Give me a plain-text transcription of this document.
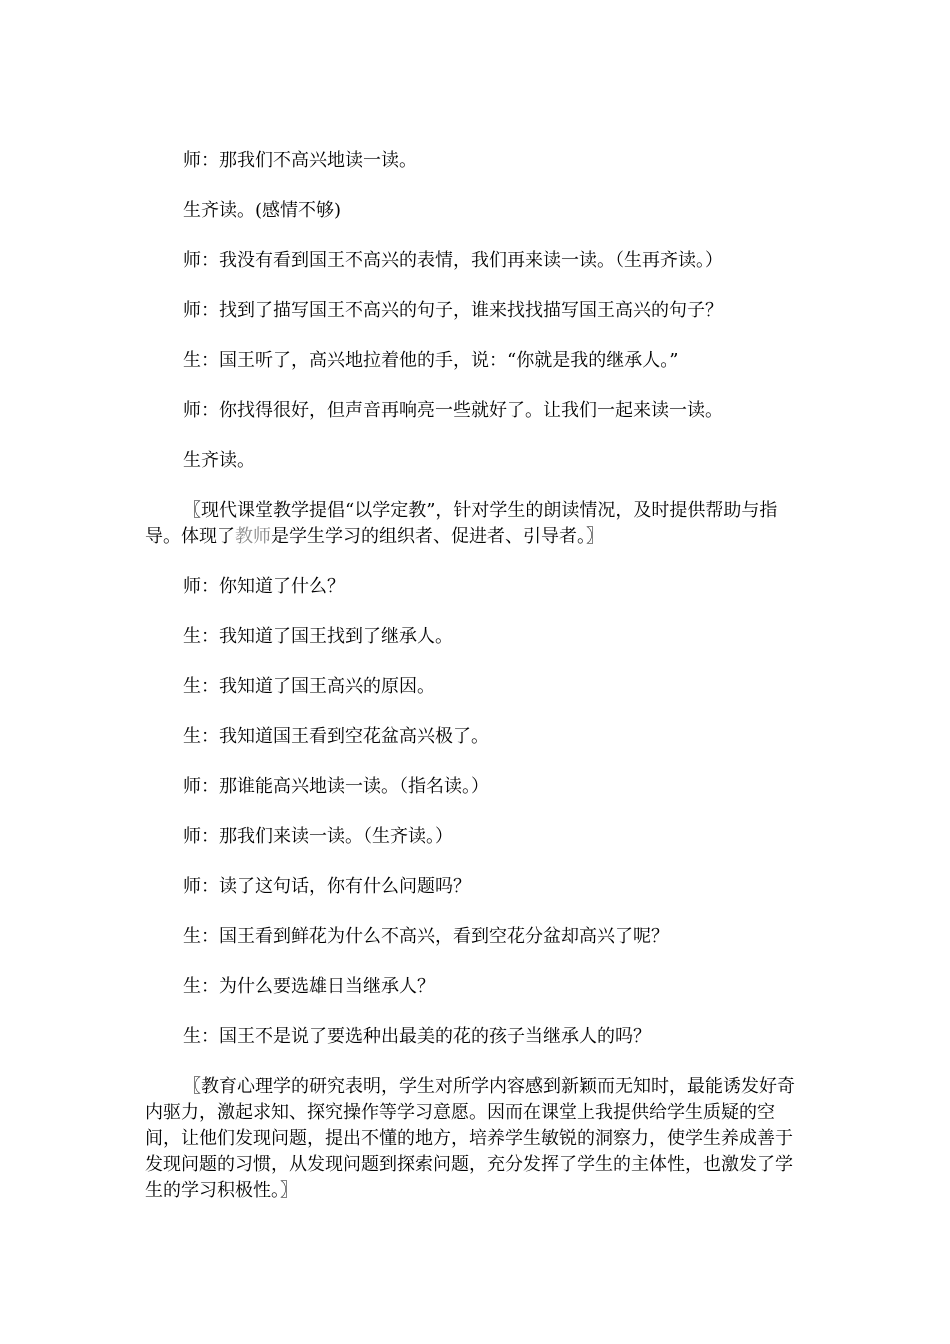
师：那我们不高兴地读一读。

生齐读。(感情不够)

师：我没有看到国王不高兴的表情，我们再来读一读。（生再齐读。）

师：找到了描写国王不高兴的句子，谁来找找描写国王高兴的句子？

生：国王听了，高兴地拉着他的手，说：“你就是我的继承人。”

师：你找得很好，但声音再响亮一些就好了。让我们一起来读一读。

生齐读。

〖现代课堂教学提倡“以学定教”，针对学生的朗读情况，及时提供帮助与指导。体现了教师是学生学习的组织者、促进者、引导者。〗

师：你知道了什么？

生：我知道了国王找到了继承人。

生：我知道了国王高兴的原因。

生：我知道国王看到空花盆高兴极了。

师：那谁能高兴地读一读。（指名读。）

师：那我们来读一读。（生齐读。）

师：读了这句话，你有什么问题吗？

生：国王看到鲜花为什么不高兴，看到空花分盆却高兴了呢？

生：为什么要选雄日当继承人？

生：国王不是说了要选种出最美的花的孩子当继承人的吗？

〖教育心理学的研究表明，学生对所学内容感到新颖而无知时，最能诱发好奇内驱力，激起求知、探究操作等学习意愿。因而在课堂上我提供给学生质疑的空间，让他们发现问题，提出不懂的地方，培养学生敏锐的洞察力，使学生养成善于发现问题的习惯，从发现问题到探索问题，充分发挥了学生的主体性，也激发了学生的学习积极性。〗
